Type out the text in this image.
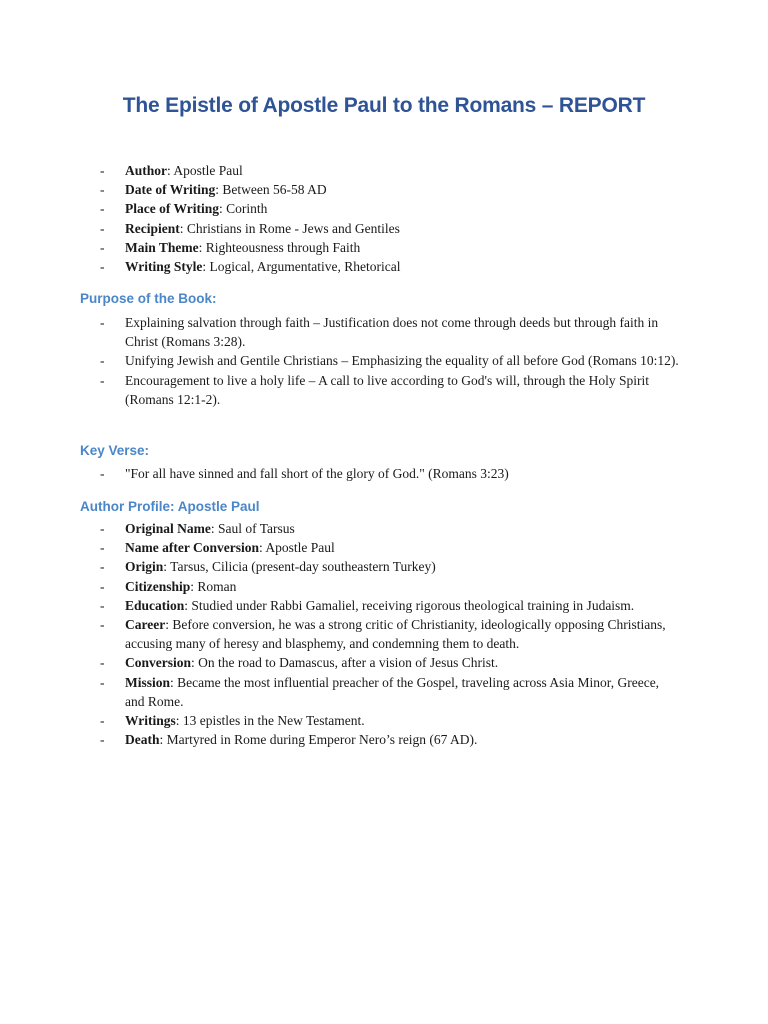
The Epistle of Apostle Paul to the Romans – REPORT
- Author: Apostle Paul
- Date of Writing: Between 56-58 AD
- Place of Writing: Corinth
- Recipient: Christians in Rome - Jews and Gentiles
- Main Theme: Righteousness through Faith
- Writing Style: Logical, Argumentative, Rhetorical
Purpose of the Book:
- Explaining salvation through faith – Justification does not come through deeds but through faith in Christ (Romans 3:28).
- Unifying Jewish and Gentile Christians – Emphasizing the equality of all before God (Romans 10:12).
- Encouragement to live a holy life – A call to live according to God's will, through the Holy Spirit (Romans 12:1-2).
Key Verse:
- "For all have sinned and fall short of the glory of God." (Romans 3:23)
Author Profile: Apostle Paul
- Original Name: Saul of Tarsus
- Name after Conversion: Apostle Paul
- Origin: Tarsus, Cilicia (present-day southeastern Turkey)
- Citizenship: Roman
- Education: Studied under Rabbi Gamaliel, receiving rigorous theological training in Judaism.
- Career: Before conversion, he was a strong critic of Christianity, ideologically opposing Christians, accusing many of heresy and blasphemy, and condemning them to death.
- Conversion: On the road to Damascus, after a vision of Jesus Christ.
- Mission: Became the most influential preacher of the Gospel, traveling across Asia Minor, Greece, and Rome.
- Writings: 13 epistles in the New Testament.
- Death: Martyred in Rome during Emperor Nero’s reign (67 AD).
